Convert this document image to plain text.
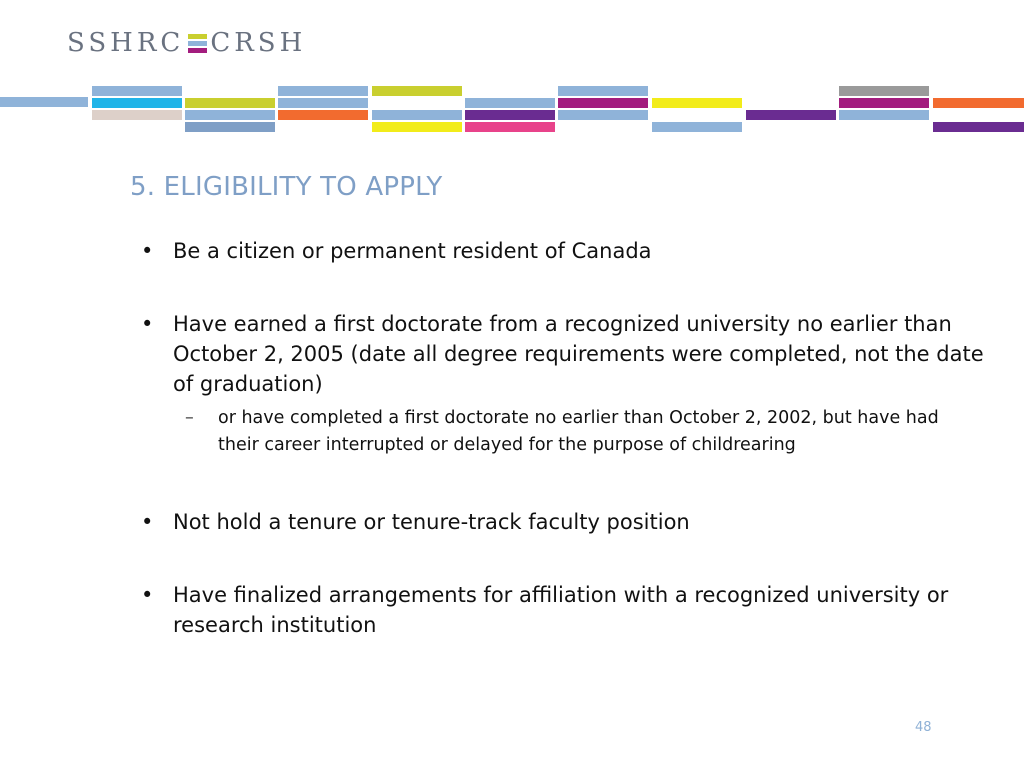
SSHRC CRSH
5. ELIGIBILITY TO APPLY
• Be a citizen or permanent resident of Canada
• Have earned a first doctorate from a recognized university no earlier than October 2, 2005 (date all degree requirements were completed, not the date of graduation)
–	or have completed a first doctorate no earlier than October 2, 2002, but have had their career interrupted or delayed for the purpose of childrearing
• Not hold a tenure or tenure-track faculty position
• Have finalized arrangements for affiliation with a recognized university or research institution
48
